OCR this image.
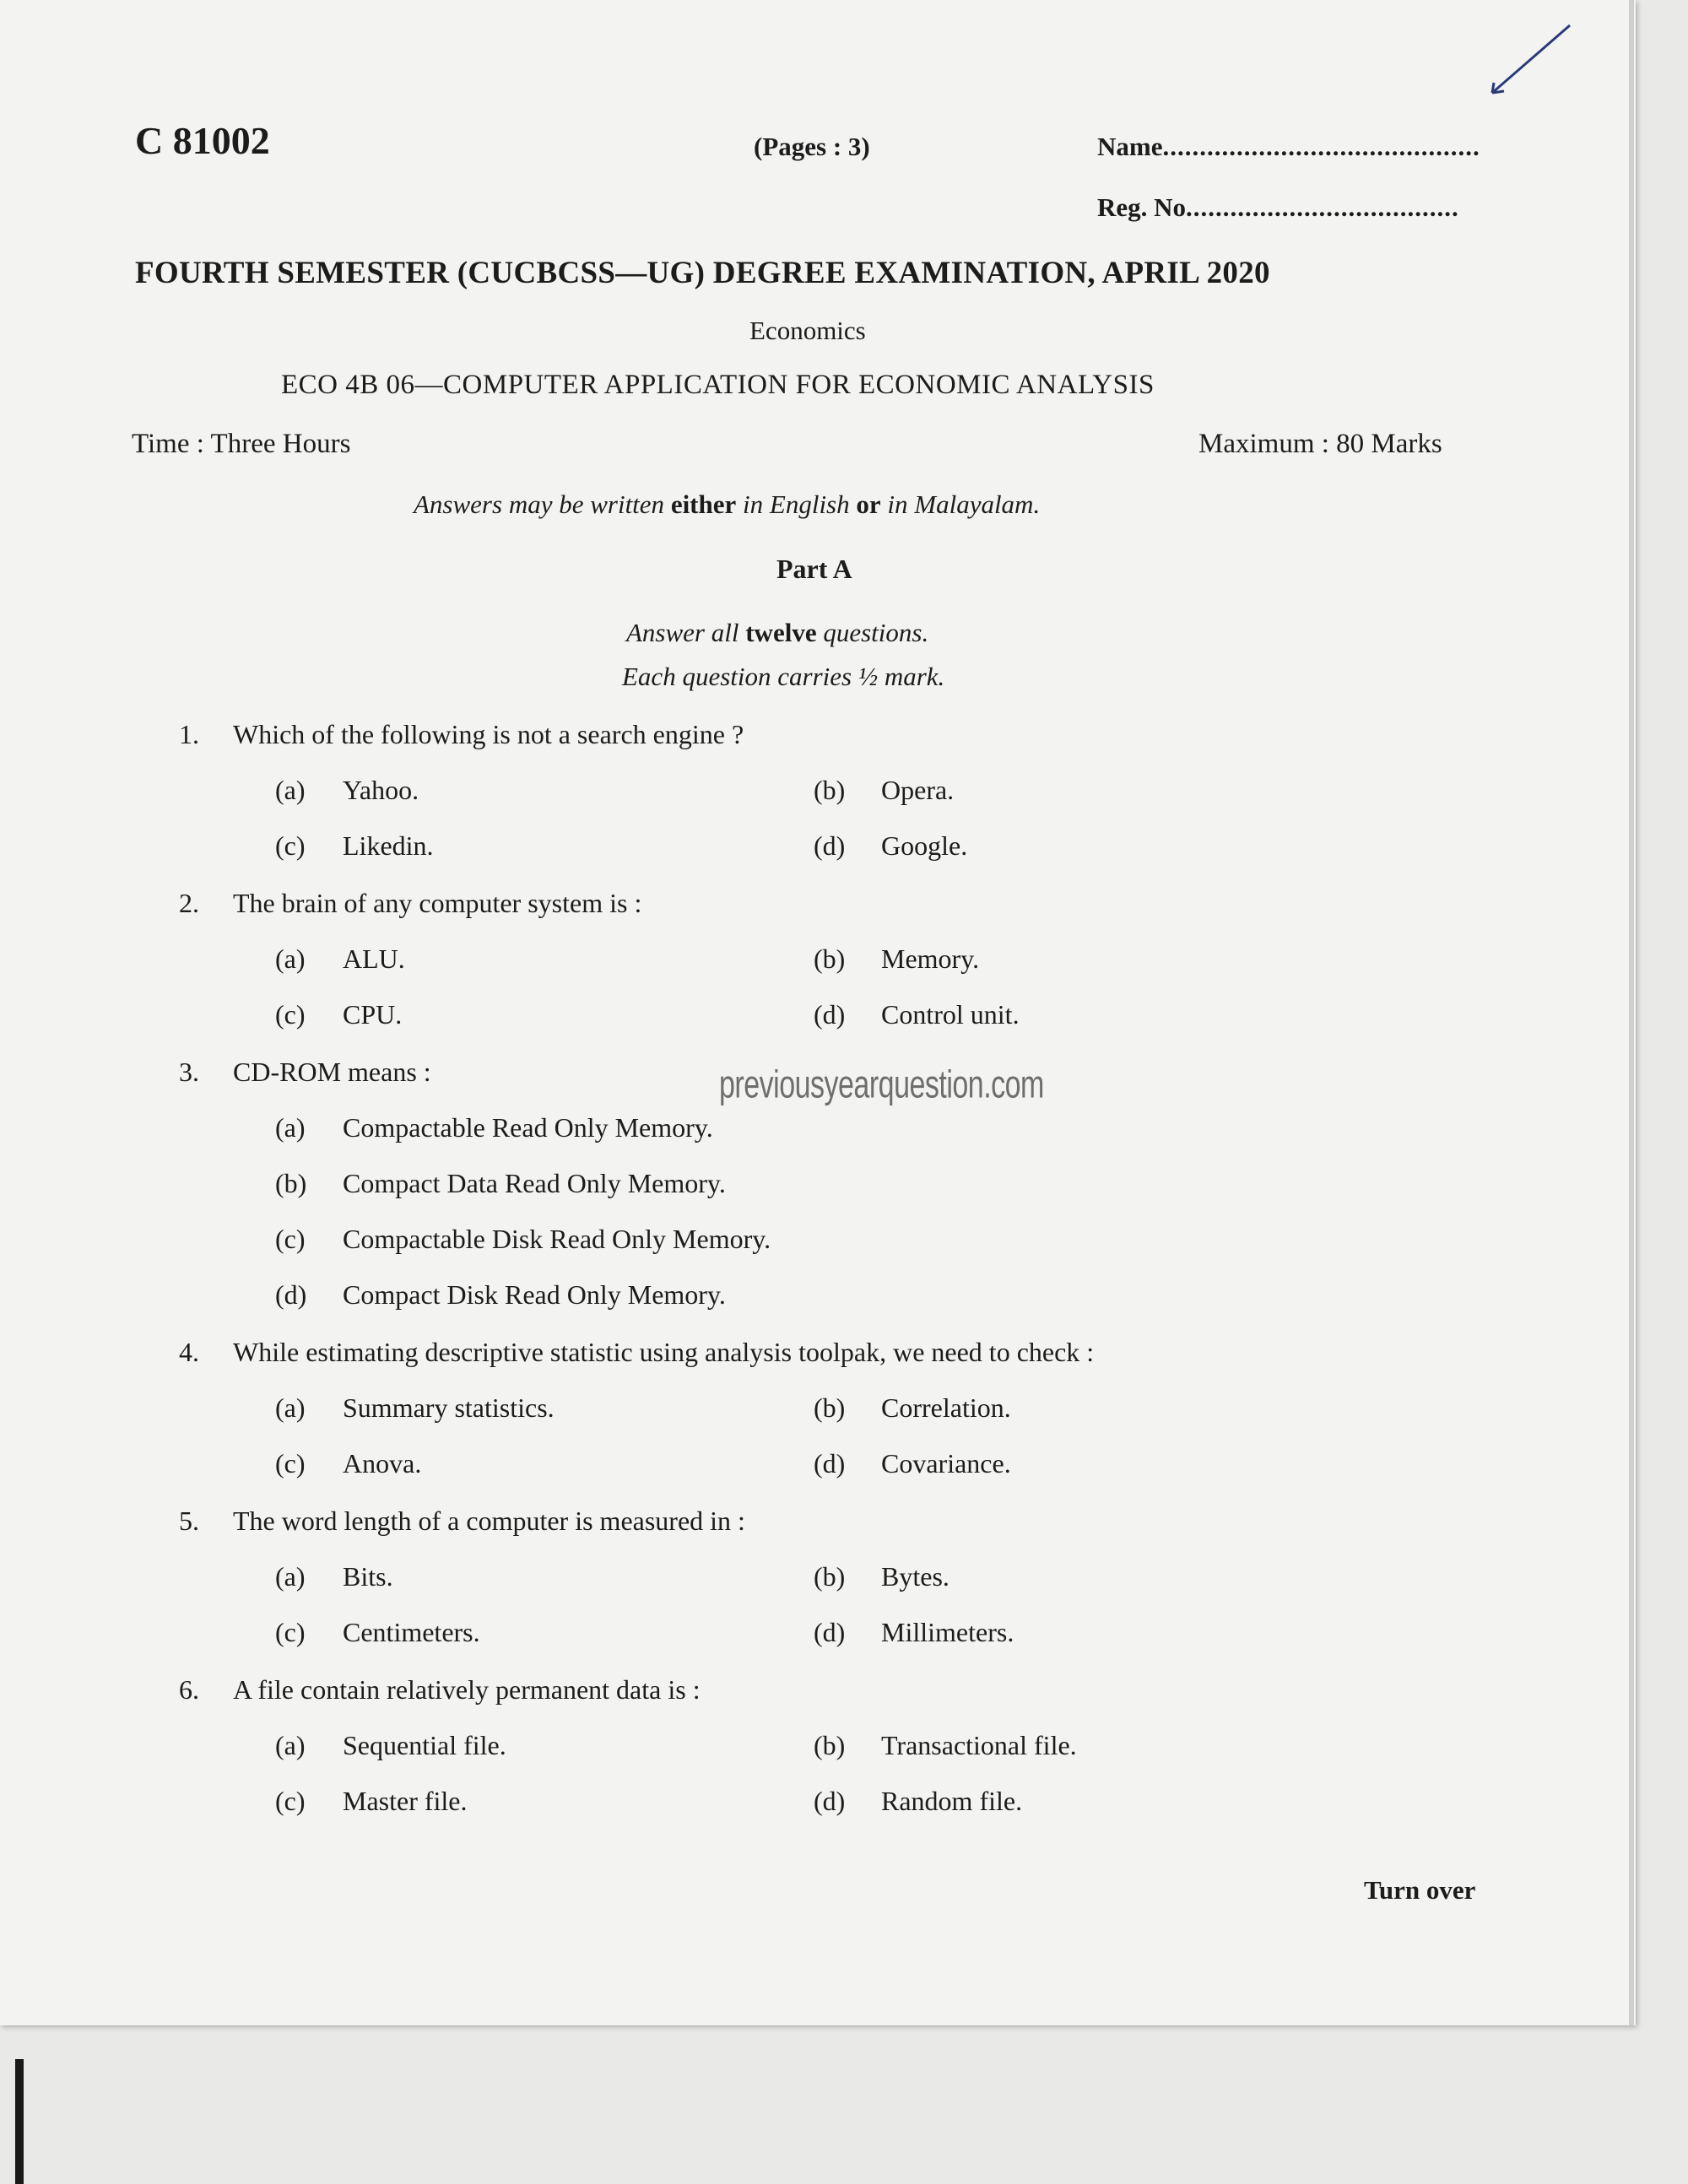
C 81002	(Pages : 3)	Name...........................................
Reg. No.....................................
FOURTH SEMESTER (CUCBCSS—UG) DEGREE EXAMINATION, APRIL 2020
Economics
ECO 4B 06—COMPUTER APPLICATION FOR ECONOMIC ANALYSIS
Time : Three Hours	Maximum : 80 Marks
Answers may be written either in English or in Malayalam.
Part A
Answer all twelve questions.
Each question carries ½ mark.
1. Which of the following is not a search engine ?
(a) Yahoo.	(b) Opera.
(c) Likedin.	(d) Google.
2. The brain of any computer system is :
(a) ALU.	(b) Memory.
(c) CPU.	(d) Control unit.
3. CD-ROM means :
(a) Compactable Read Only Memory.
(b) Compact Data Read Only Memory.
(c) Compactable Disk Read Only Memory.
(d) Compact Disk Read Only Memory.
4. While estimating descriptive statistic using analysis toolpak, we need to check :
(a) Summary statistics.	(b) Correlation.
(c) Anova.	(d) Covariance.
5. The word length of a computer is measured in :
(a) Bits.	(b) Bytes.
(c) Centimeters.	(d) Millimeters.
6. A file contain relatively permanent data is :
(a) Sequential file.	(b) Transactional file.
(c) Master file.	(d) Random file.
previousyearquestion.com
Turn over
